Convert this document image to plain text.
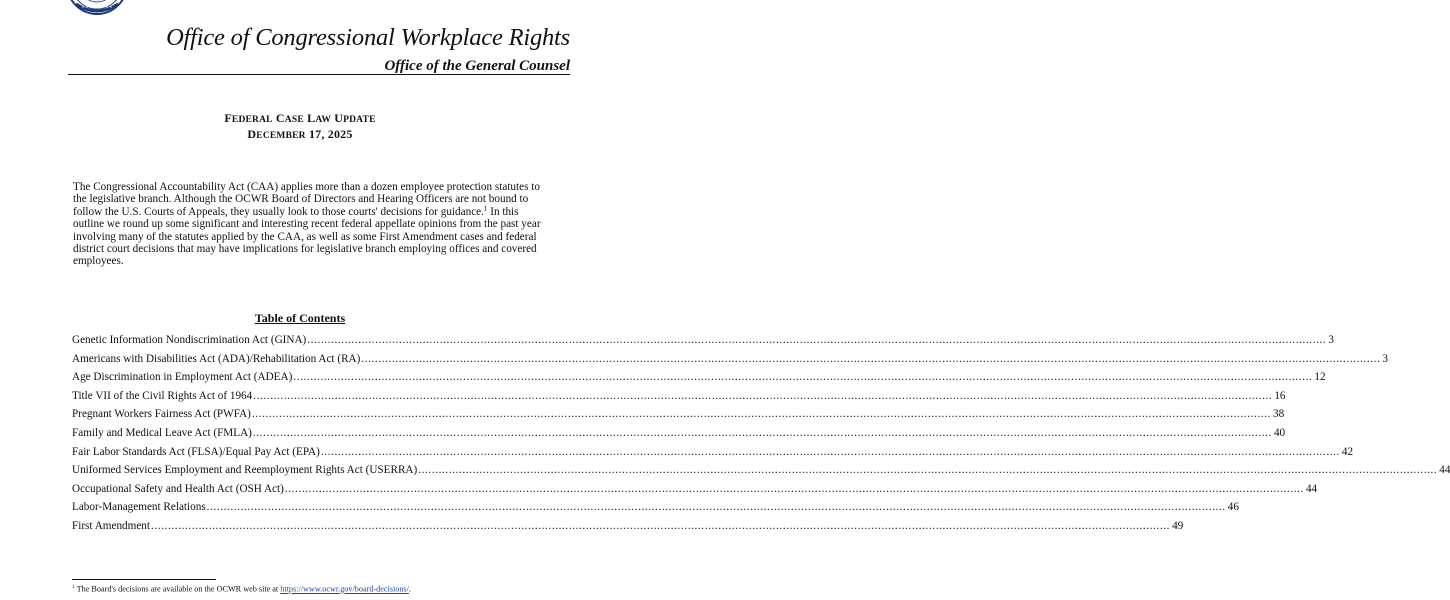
Office of Congressional Workplace Rights
Office of the General Counsel
FEDERAL CASE LAW UPDATE
DECEMBER 17, 2025

The Congressional Accountability Act (CAA) applies more than a dozen employee protection statutes to the legislative branch. Although the OCWR Board of Directors and Hearing Officers are not bound to follow the U.S. Courts of Appeals, they usually look to those courts' decisions for guidance.$^1$ In this outline we round up some significant and interesting recent federal appellate opinions from the past year involving many of the statutes applied by the CAA, as well as some First Amendment cases and federal district court decisions that may have implications for legislative branch employing offices and covered employees.

Table of Contents
Genetic Information Nondiscrimination Act (GINA) ............................................................................................................................................................................................................................................................................................................ 3
Americans with Disabilities Act (ADA)/Rehabilitation Act (RA) ............................................................................................................................................................................................................................................................................................................ 3
Age Discrimination in Employment Act (ADEA) ............................................................................................................................................................................................................................................................................................................ 12
Title VII of the Civil Rights Act of 1964 ............................................................................................................................................................................................................................................................................................................ 16
Pregnant Workers Fairness Act (PWFA) ............................................................................................................................................................................................................................................................................................................ 38
Family and Medical Leave Act (FMLA) ............................................................................................................................................................................................................................................................................................................ 40
Fair Labor Standards Act (FLSA)/Equal Pay Act (EPA) ............................................................................................................................................................................................................................................................................................................ 42
Uniformed Services Employment and Reemployment Rights Act (USERRA) ............................................................................................................................................................................................................................................................................................................ 44
Occupational Safety and Health Act (OSH Act) ............................................................................................................................................................................................................................................................................................................ 44
Labor-Management Relations ............................................................................................................................................................................................................................................................................................................ 46
First Amendment ............................................................................................................................................................................................................................................................................................................ 49

$^1$ The Board's decisions are available on the OCWR web site at https://www.ocwr.gov/board-decisions/.
